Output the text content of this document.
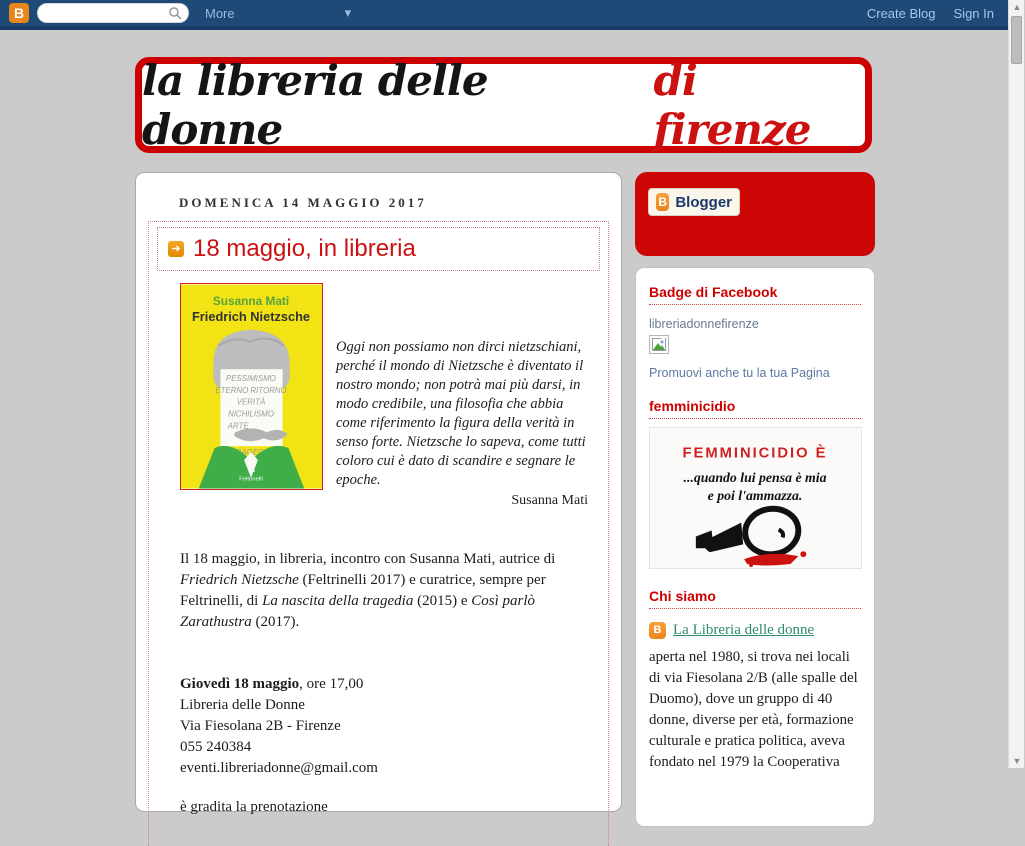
B	More	▾	Create Blog Sign In	▲
▼
la libreria delle donne
di firenze
DOMENICA 14 MAGGIO 2017
➜ 18 maggio, in libreria
Susanna Mati
Friedrich Nietzsche
PESSIMISMO
ETERNO RITORNO
VERITÀ
NICHILISMO
ARTE
Feltrinelli
Oggi non possiamo non dirci nietzschiani, perché il mondo di Nietzsche è diventato il nostro mondo; non potrà mai più darsi, in modo credibile, una filosofia che abbia come riferimento la figura della verità in senso forte. Nietzsche lo sapeva, come tutti coloro cui è dato di scandire e segnare le epoche.
Susanna Mati

Il 18 maggio, in libreria, incontro con Susanna Mati, autrice di Friedrich Nietzsche (Feltrinelli 2017) e curatrice, sempre per Feltrinelli, di La nascita della tragedia (2015) e Così parlò Zarathustra (2017).

Giovedì 18 maggio, ore 17,00
Libreria delle Donne
Via Fiesolana 2B - Firenze
055 240384
eventi.libreriadonne@gmail.com
è gradita la prenotazione
B Blogger
Badge di Facebook
libreriadonnefirenze
Promuovi anche tu la tua Pagina
femminicidio
FEMMINICIDIO È
...quando lui pensa è mia
e poi l'ammazza.
Chi siamo
B La Libreria delle donne
aperta nel 1980, si trova nei locali di via Fiesolana 2/B (alle spalle del Duomo), dove un gruppo di 40 donne, diverse per età, formazione culturale e pratica politica, aveva fondato nel 1979 la Cooperativa
